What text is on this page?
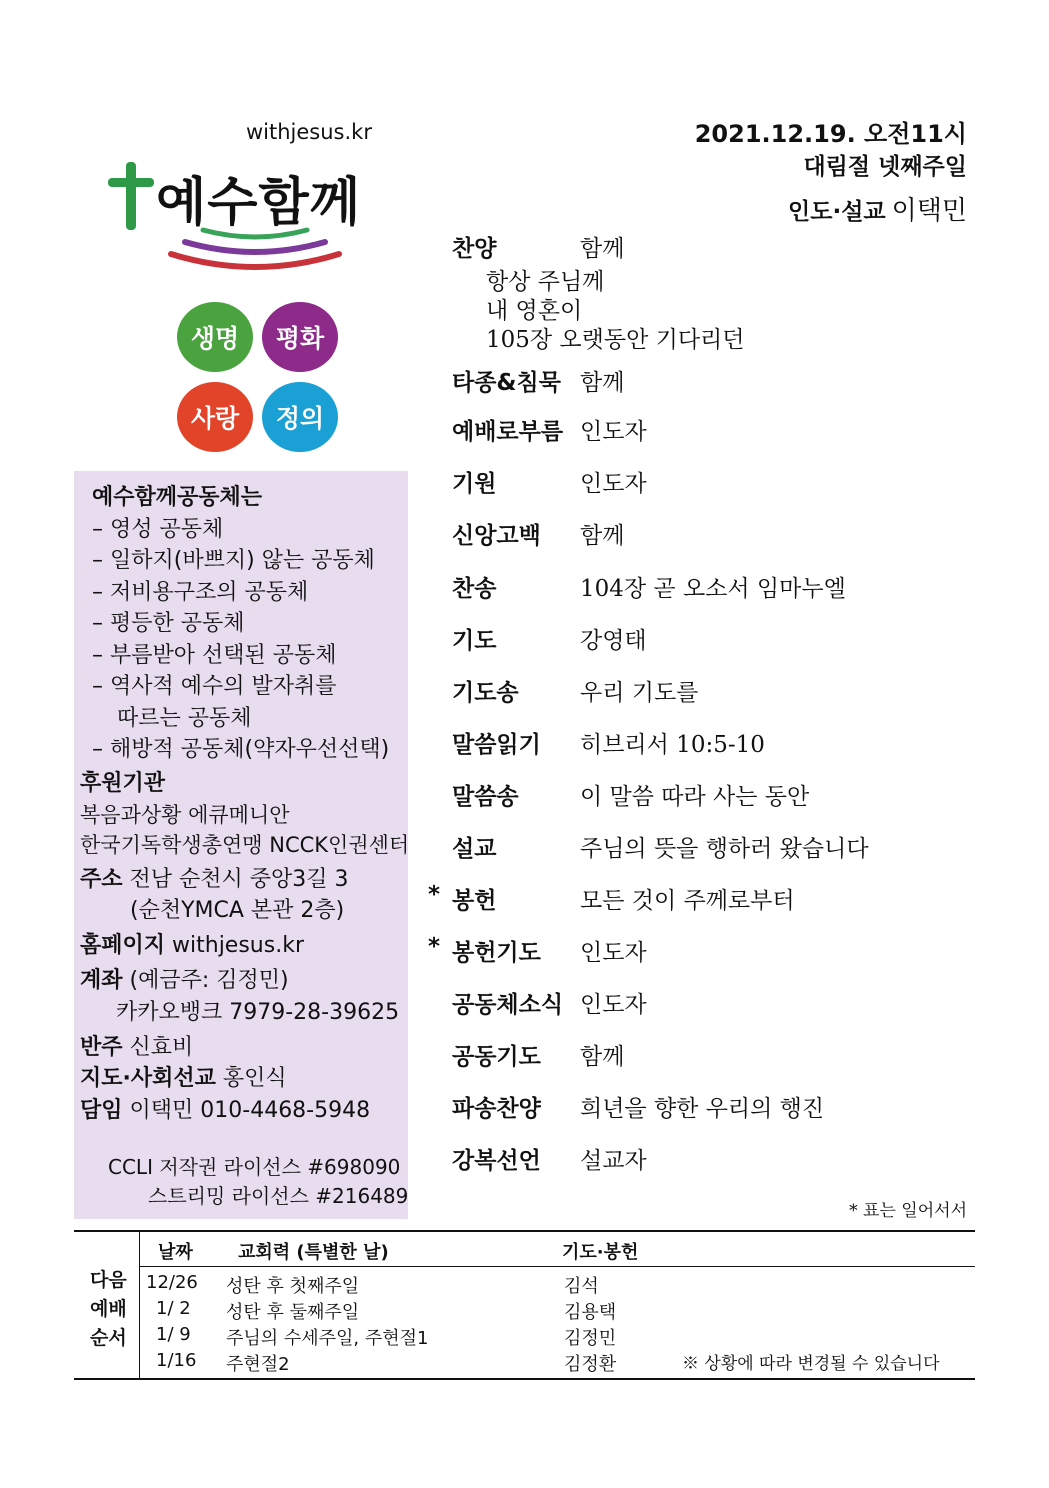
withjesus.kr
예수함께
생명	평화
사랑	정의
2021.12.19. 오전11시
대림절 넷째주일
인도·설교 이택민
예수함께공동체는
– 영성 공동체
– 일하지(바쁘지) 않는 공동체
– 저비용구조의 공동체
– 평등한 공동체
– 부름받아 선택된 공동체
– 역사적 예수의 발자취를
따르는 공동체
– 해방적 공동체(약자우선선택)
후원기관
복음과상황 에큐메니안
한국기독학생총연맹 NCCK인권센터
주소 전남 순천시 중앙3길 3
(순천YMCA 본관 2층)
홈페이지 withjesus.kr
계좌 (예금주: 김정민)
카카오뱅크 7979-28-39625
반주 신효비
지도·사회선교 홍인식
담임 이택민 010-4468-5948
CCLI 저작권 라이선스 #698090
스트리밍 라이선스 #216489
찬양	함께
항상 주님께
내 영혼이
105장 오랫동안 기다리던
타종&침묵 함께
예배로부름 인도자
기원	인도자
신앙고백 함께
찬송	104장 곧 오소서 임마누엘
기도	강영태
기도송	우리 기도를
말씀읽기 히브리서 10:5-10
말씀송	이 말씀 따라 사는 동안
설교	주님의 뜻을 행하러 왔습니다
* 봉헌	모든 것이 주께로부터
* 봉헌기도 인도자
공동체소식 인도자
공동기도 함께
파송찬양 희년을 향한 우리의 행진
강복선언 설교자
* 표는 일어서서
다음
예배
순서
날짜	교회력 (특별한 날)	기도·봉헌
12/26 성탄 후 첫째주일	김석
1/ 2 성탄 후 둘째주일	김용택
1/ 9 주님의 수세주일, 주현절1	김정민
1/16 주현절2	김정환	※ 상황에 따라 변경될 수 있습니다
